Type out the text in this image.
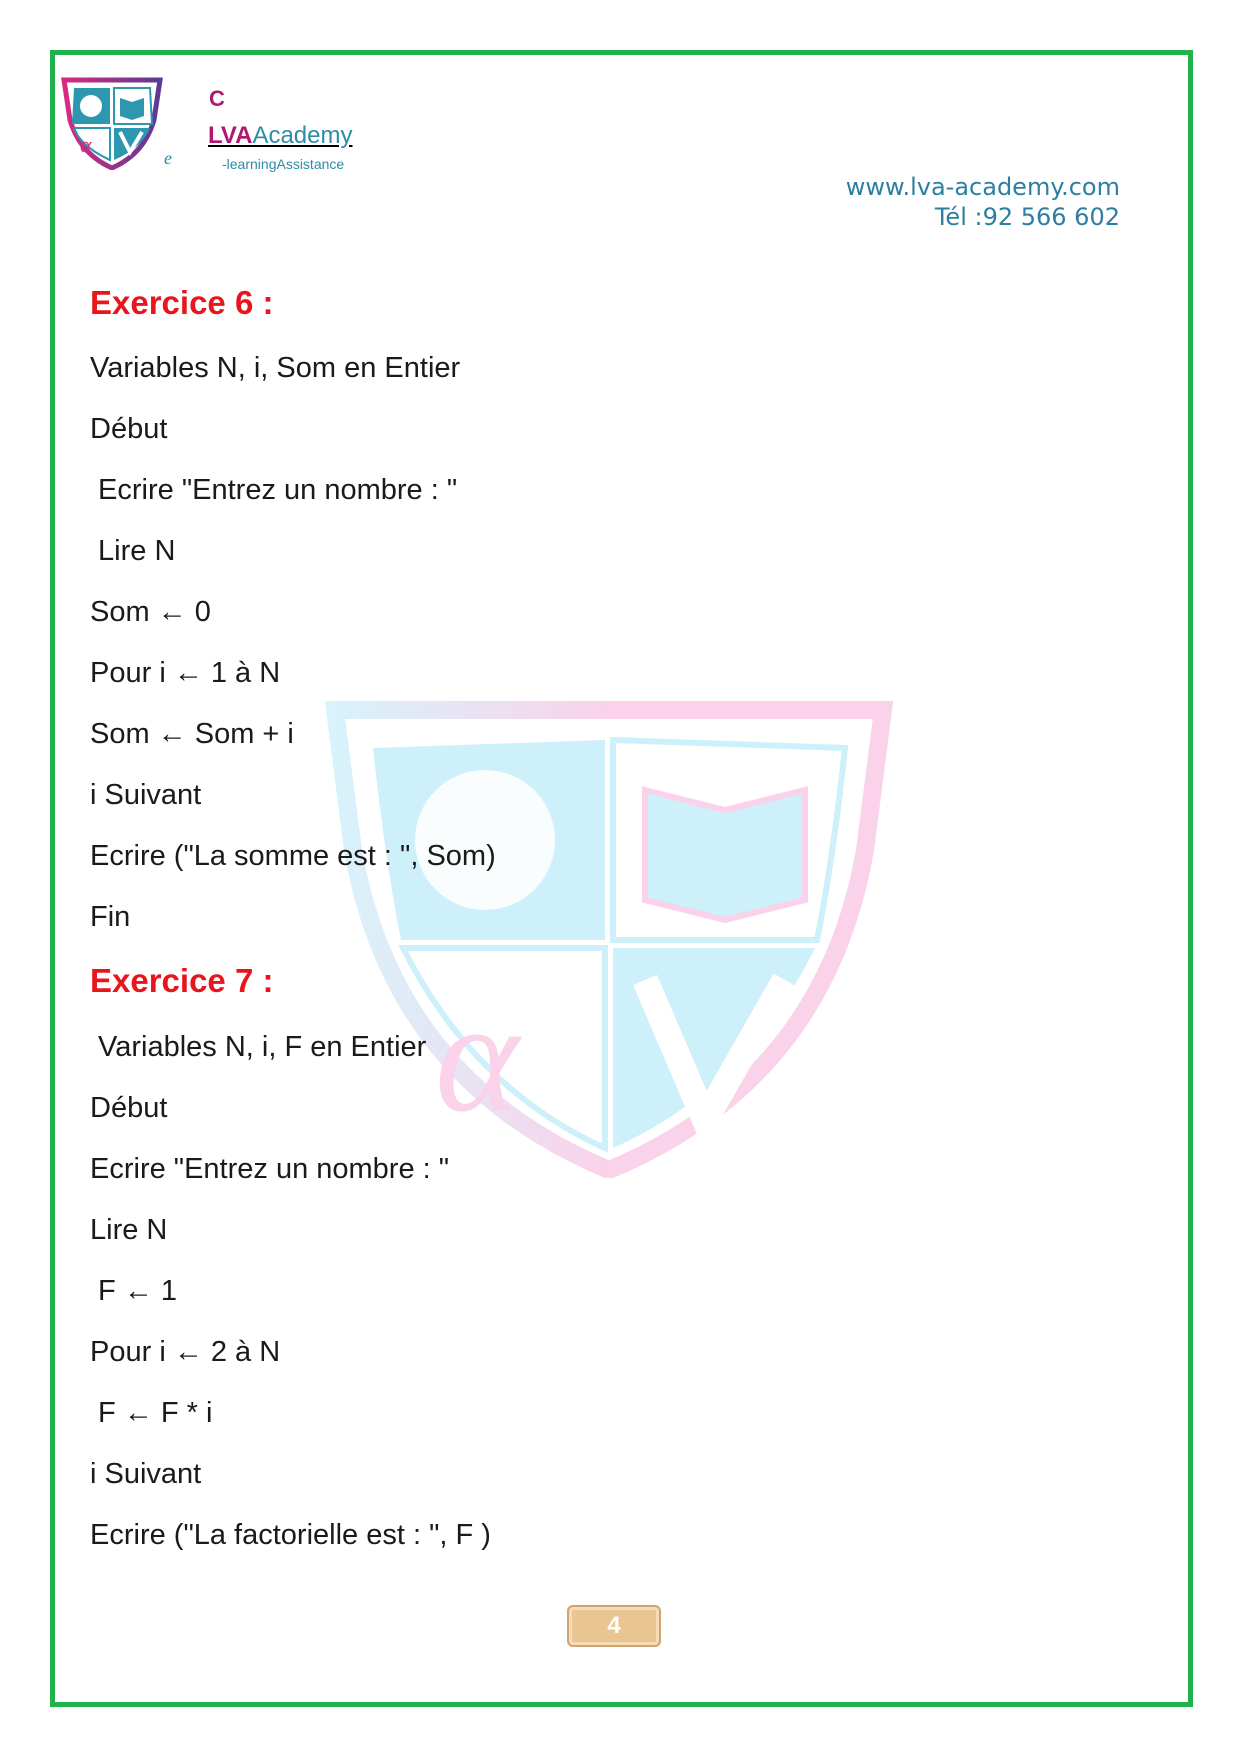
α
C
e
LVAAcademy
-learningAssistance
www.lva-academy.com
Tél :92 566 602
α
Exercice 6 :
Variables N, i, Som en Entier
Début
Ecrire "Entrez un nombre : "
Lire N
Som ← 0
Pour i ← 1 à N
Som ← Som + i
i Suivant
Ecrire ("La somme est : ", Som)
Fin
Exercice 7 :
Variables N, i, F en Entier
Début
Ecrire "Entrez un nombre : "
Lire N
F ← 1
Pour i ← 2 à N
F ← F * i
i Suivant
Ecrire ("La factorielle est : ", F )
4
